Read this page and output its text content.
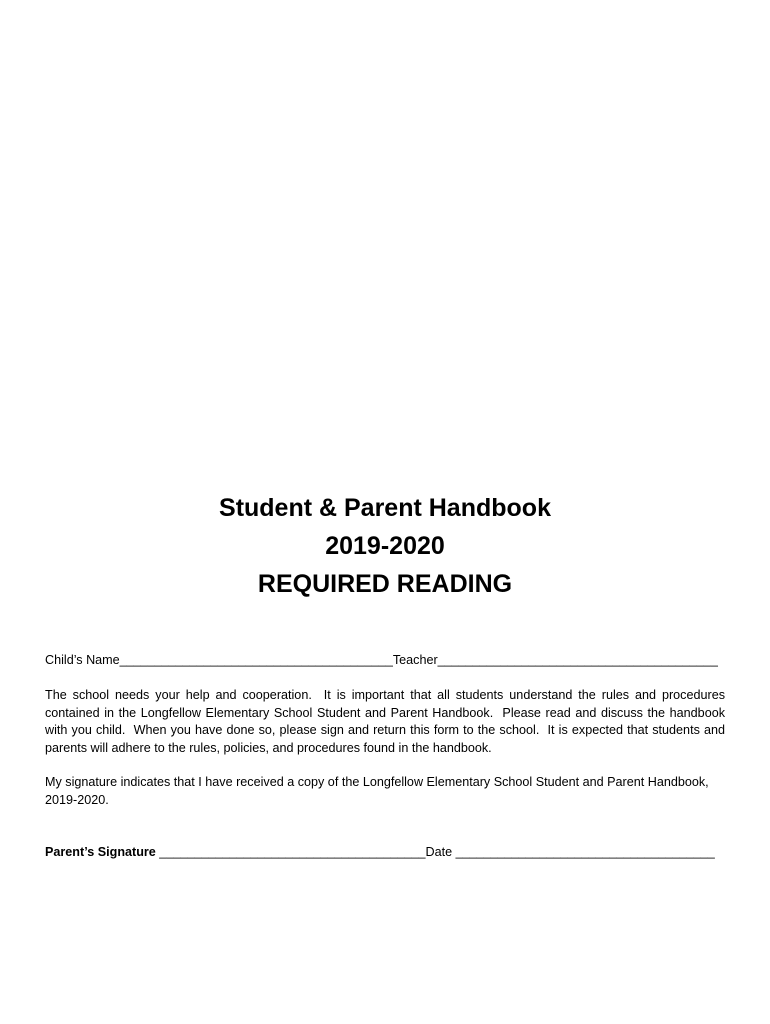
Student & Parent Handbook
2019-2020
REQUIRED READING
Child’s Name_______________________________________Teacher________________________________________
The school needs your help and cooperation.  It is important that all students understand the rules and procedures contained in the Longfellow Elementary School Student and Parent Handbook.  Please read and discuss the handbook with you child.  When you have done so, please sign and return this form to the school.  It is expected that students and parents will adhere to the rules, policies, and procedures found in the handbook.
My signature indicates that I have received a copy of the Longfellow Elementary School Student and Parent Handbook, 2019-2020.
Parent’s Signature ______________________________________Date _____________________________________
